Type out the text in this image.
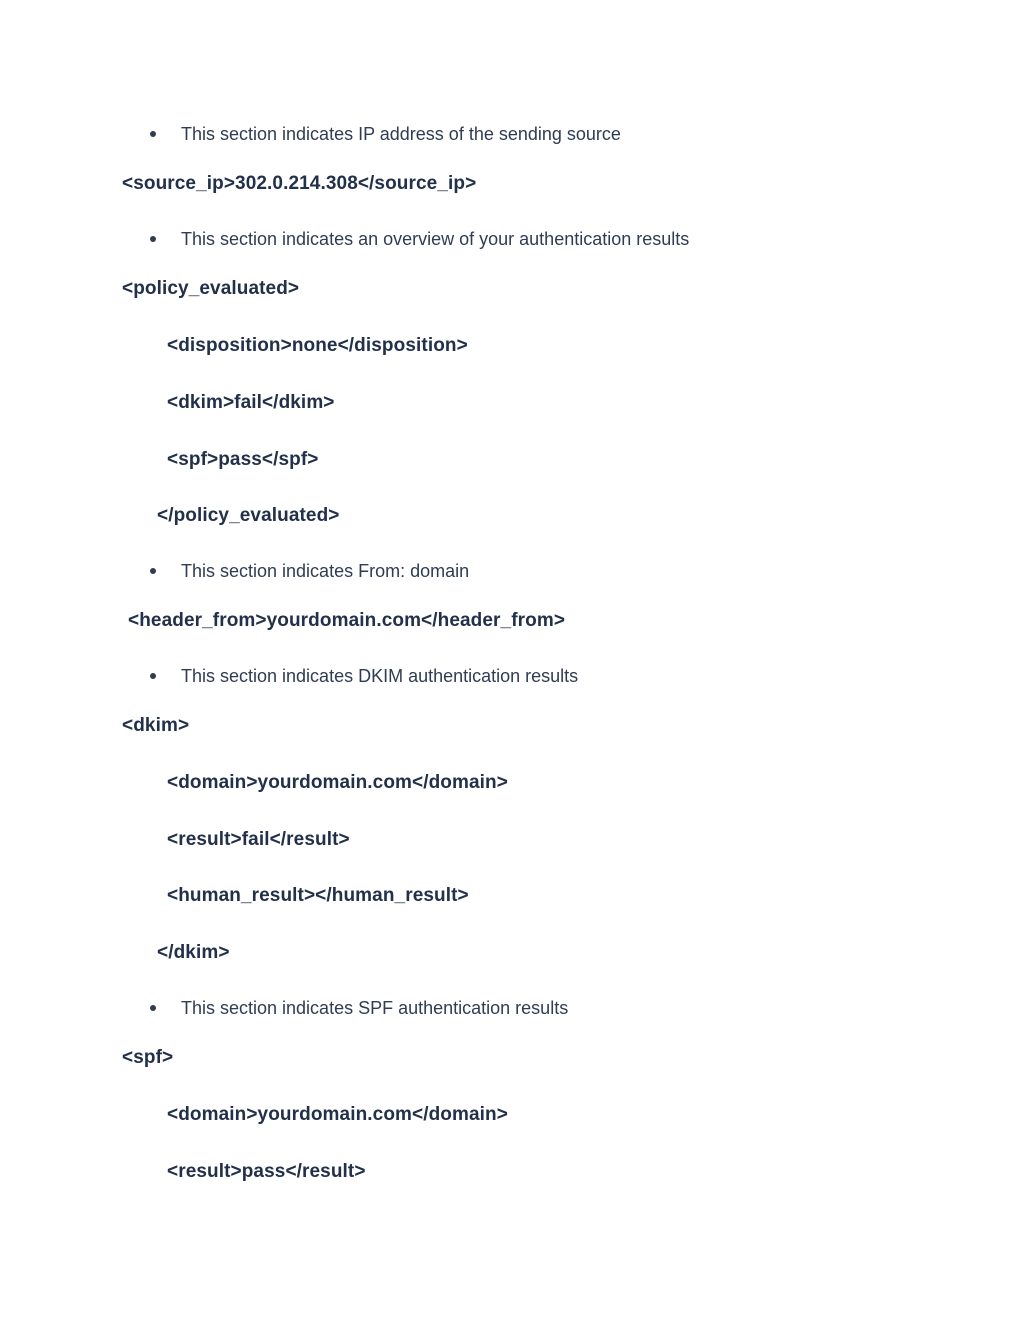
This section indicates IP address of the sending source
<source_ip>302.0.214.308</source_ip>
This section indicates an overview of your authentication results
<policy_evaluated>
<disposition>none</disposition>
<dkim>fail</dkim>
<spf>pass</spf>
</policy_evaluated>
This section indicates From: domain
<header_from>yourdomain.com</header_from>
This section indicates DKIM authentication results
<dkim>
<domain>yourdomain.com</domain>
<result>fail</result>
<human_result></human_result>
</dkim>
This section indicates SPF authentication results
<spf>
<domain>yourdomain.com</domain>
<result>pass</result>
